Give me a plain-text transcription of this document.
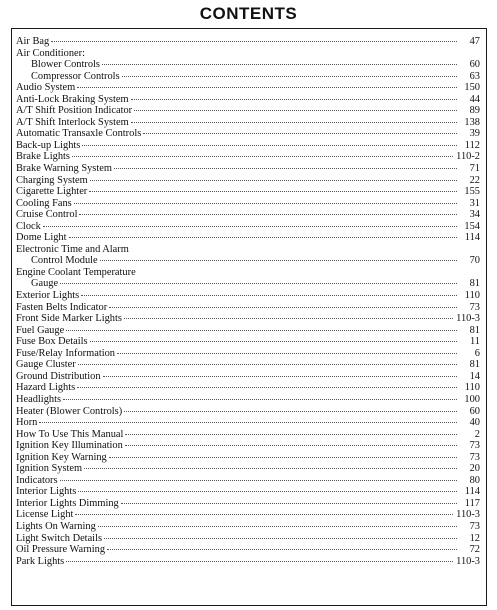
CONTENTS
Air Bag	47
Air Conditioner:
Blower Controls	60
Compressor Controls	63
Audio System	150
Anti-Lock Braking System	44
A/T Shift Position Indicator	89
A/T Shift Interlock System	138
Automatic Transaxle Controls	39
Back-up Lights	112
Brake Lights	110-2
Brake Warning System	71
Charging System	22
Cigarette Lighter	155
Cooling Fans	31
Cruise Control	34
Clock	154
Dome Light	114
Electronic Time and Alarm
Control Module	70
Engine Coolant Temperature
Gauge	81
Exterior Lights	110
Fasten Belts Indicator	73
Front Side Marker Lights	110-3
Fuel Gauge	81
Fuse Box Details	11
Fuse/Relay Information	6
Gauge Cluster	81
Ground Distribution	14
Hazard Lights	110
Headlights	100
Heater (Blower Controls)	60
Horn	40
How To Use This Manual	2
Ignition Key Illumination	73
Ignition Key Warning	73
Ignition System	20
Indicators	80
Interior Lights	114
Interior Lights Dimming	117
License Light	110-3
Lights On Warning	73
Light Switch Details	12
Oil Pressure Warning	72
Park Lights	110-3
